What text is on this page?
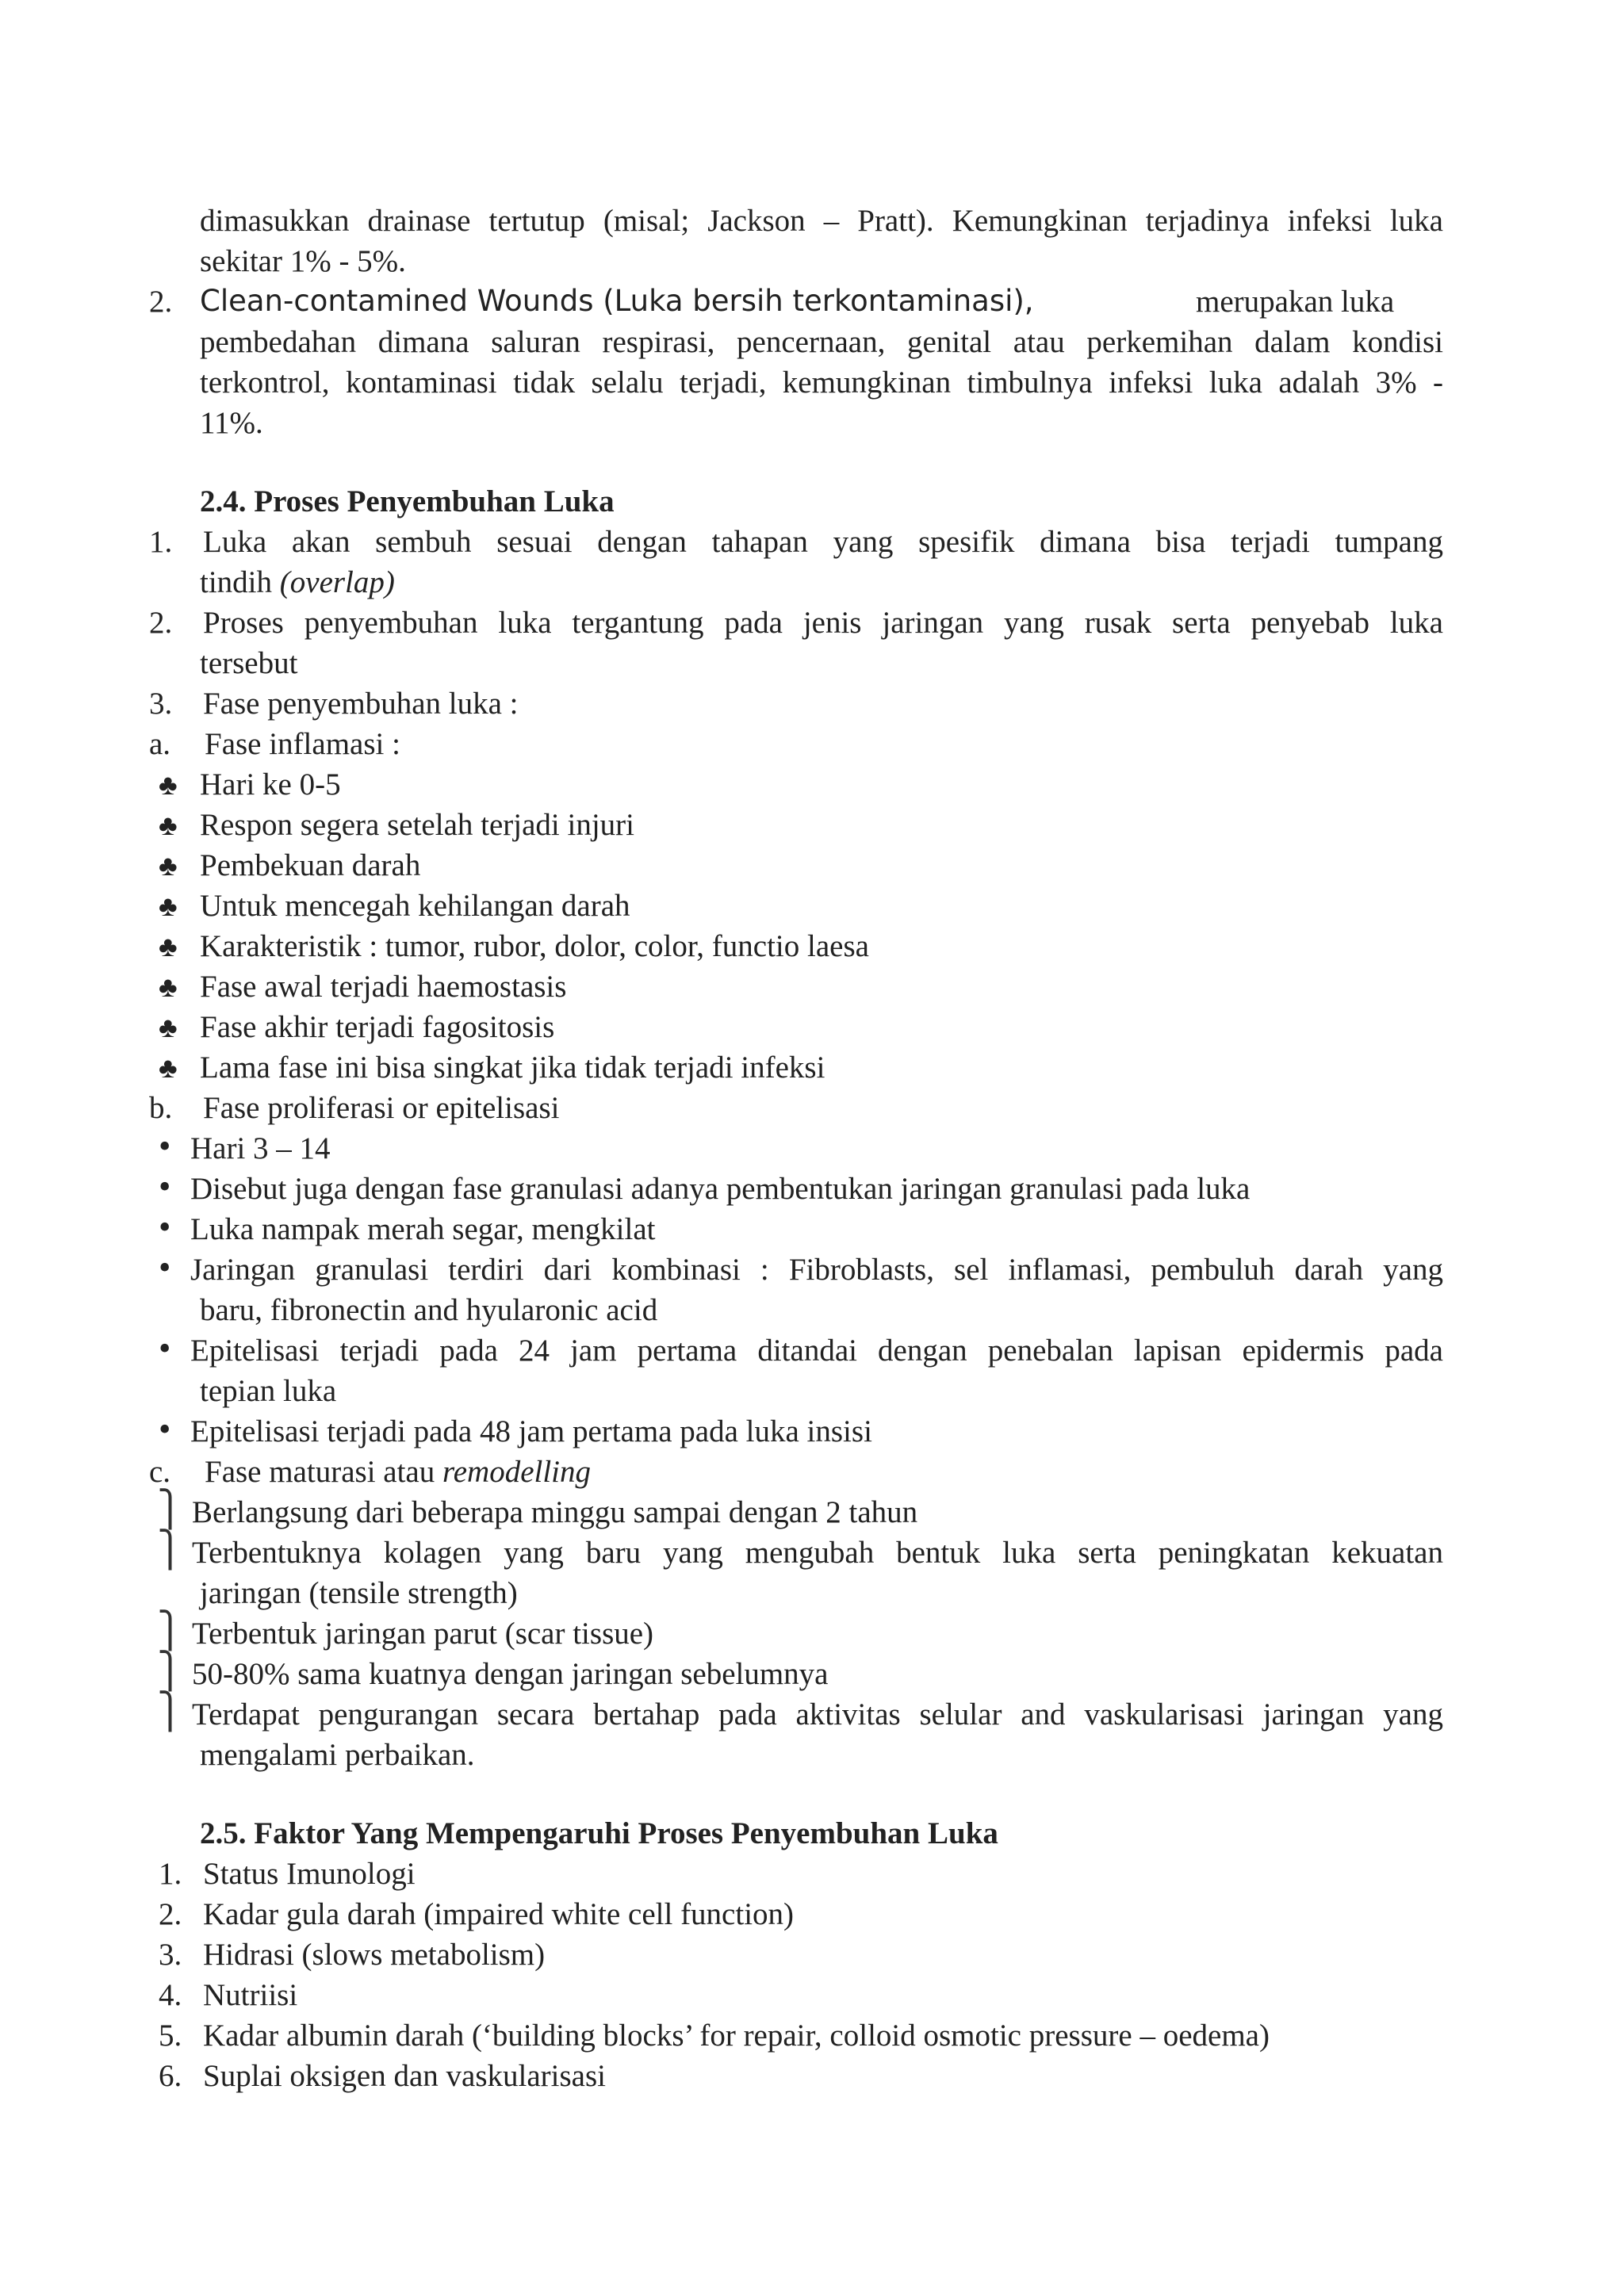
dimasukkan drainase tertutup (misal; Jackson – Pratt). Kemungkinan terjadinya infeksi luka
sekitar 1% - 5%.
2. Clean-contamined Wounds (Luka bersih terkontaminasi),	merupakan luka
pembedahan dimana saluran respirasi, pencernaan, genital atau perkemihan dalam kondisi
terkontrol, kontaminasi tidak selalu terjadi, kemungkinan timbulnya infeksi luka adalah 3% -
11%.
2.4. Proses Penyembuhan Luka
1. Luka akan sembuh sesuai dengan tahapan yang spesifik dimana bisa terjadi tumpang
tindih (overlap)
2. Proses penyembuhan luka tergantung pada jenis jaringan yang rusak serta penyebab luka
tersebut
3. Fase penyembuhan luka :
a. Fase inflamasi :
♣ Hari ke 0-5
♣ Respon segera setelah terjadi injuri
♣ Pembekuan darah
♣ Untuk mencegah kehilangan darah
♣ Karakteristik : tumor, rubor, dolor, color, functio laesa
♣ Fase awal terjadi haemostasis
♣ Fase akhir terjadi fagositosis
♣ Lama fase ini bisa singkat jika tidak terjadi infeksi
b. Fase proliferasi or epitelisasi
• Hari 3 – 14
• Disebut juga dengan fase granulasi adanya pembentukan jaringan granulasi pada luka
• Luka nampak merah segar, mengkilat
• Jaringan granulasi terdiri dari kombinasi : Fibroblasts, sel inflamasi, pembuluh darah yang
baru, fibronectin and hyularonic acid
• Epitelisasi terjadi pada 24 jam pertama ditandai dengan penebalan lapisan epidermis pada
tepian luka
• Epitelisasi terjadi pada 48 jam pertama pada luka insisi
c. Fase maturasi atau remodelling
⎫ Berlangsung dari beberapa minggu sampai dengan 2 tahun
⎫ Terbentuknya kolagen yang baru yang mengubah bentuk luka serta peningkatan kekuatan
jaringan (tensile strength)
⎫ Terbentuk jaringan parut (scar tissue)
⎫ 50-80% sama kuatnya dengan jaringan sebelumnya
⎫ Terdapat pengurangan secara bertahap pada aktivitas selular and vaskularisasi jaringan yang
mengalami perbaikan.
2.5. Faktor Yang Mempengaruhi Proses Penyembuhan Luka
1. Status Imunologi
2. Kadar gula darah (impaired white cell function)
3. Hidrasi (slows metabolism)
4. Nutriisi
5. Kadar albumin darah (‘building blocks’ for repair, colloid osmotic pressure – oedema)
6. Suplai oksigen dan vaskularisasi
